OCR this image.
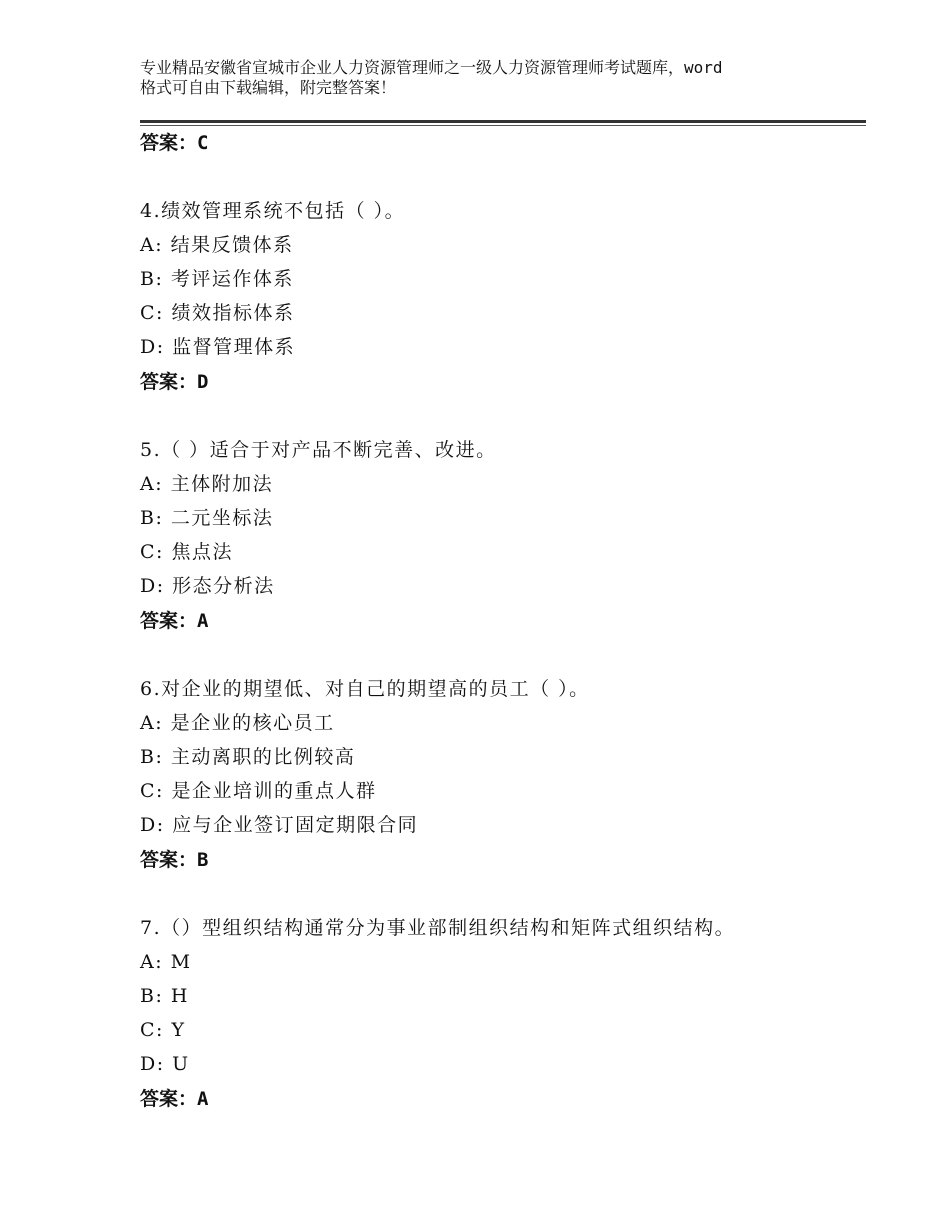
专业精品安徽省宣城市企业人力资源管理师之一级人力资源管理师考试题库，word
格式可自由下载编辑，附完整答案！
答案：C
4.绩效管理系统不包括（ ）。
A: 结果反馈体系
B: 考评运作体系
C: 绩效指标体系
D: 监督管理体系
答案：D
5.（ ）适合于对产品不断完善、改进。
A: 主体附加法
B: 二元坐标法
C: 焦点法
D: 形态分析法
答案：A
6.对企业的期望低、对自己的期望高的员工（ ）。
A: 是企业的核心员工
B: 主动离职的比例较高
C: 是企业培训的重点人群
D: 应与企业签订固定期限合同
答案：B
7.（）型组织结构通常分为事业部制组织结构和矩阵式组织结构。
A: M
B: H
C: Y
D: U
答案：A
